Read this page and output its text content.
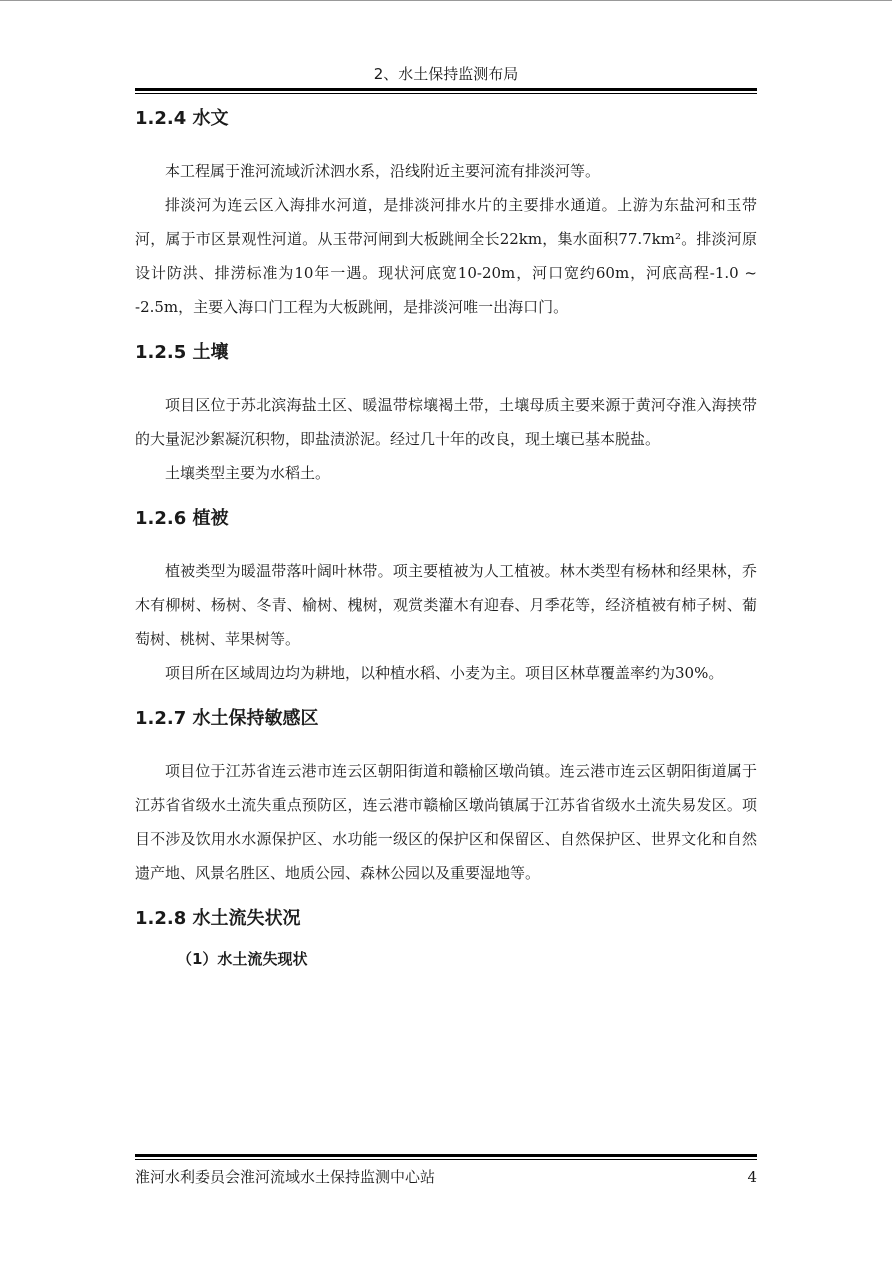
2、水土保持监测布局
1.2.4 水文

本工程属于淮河流域沂沭泗水系，沿线附近主要河流有排淡河等。

排淡河为连云区入海排水河道，是排淡河排水片的主要排水通道。上游为东盐河和玉带河，属于市区景观性河道。从玉带河闸到大板跳闸全长22km，集水面积77.7km²。排淡河原设计防洪、排涝标准为10年一遇。现状河底宽10-20m，河口宽约60m，河底高程-1.0 ~ -2.5m，主要入海口门工程为大板跳闸，是排淡河唯一出海口门。

1.2.5 土壤

项目区位于苏北滨海盐土区、暖温带棕壤褐土带，土壤母质主要来源于黄河夺淮入海挟带的大量泥沙絮凝沉积物，即盐渍淤泥。经过几十年的改良，现土壤已基本脱盐。

土壤类型主要为水稻土。

1.2.6 植被

植被类型为暖温带落叶阔叶林带。项主要植被为人工植被。林木类型有杨林和经果林，乔木有柳树、杨树、冬青、榆树、槐树，观赏类灌木有迎春、月季花等，经济植被有柿子树、葡萄树、桃树、苹果树等。

项目所在区域周边均为耕地，以种植水稻、小麦为主。项目区林草覆盖率约为30%。

1.2.7 水土保持敏感区

项目位于江苏省连云港市连云区朝阳街道和赣榆区墩尚镇。连云港市连云区朝阳街道属于江苏省省级水土流失重点预防区，连云港市赣榆区墩尚镇属于江苏省省级水土流失易发区。项目不涉及饮用水水源保护区、水功能一级区的保护区和保留区、自然保护区、世界文化和自然遗产地、风景名胜区、地质公园、森林公园以及重要湿地等。

1.2.8 水土流失状况
（1）水土流失现状
淮河水利委员会淮河流域水土保持监测中心站	4
